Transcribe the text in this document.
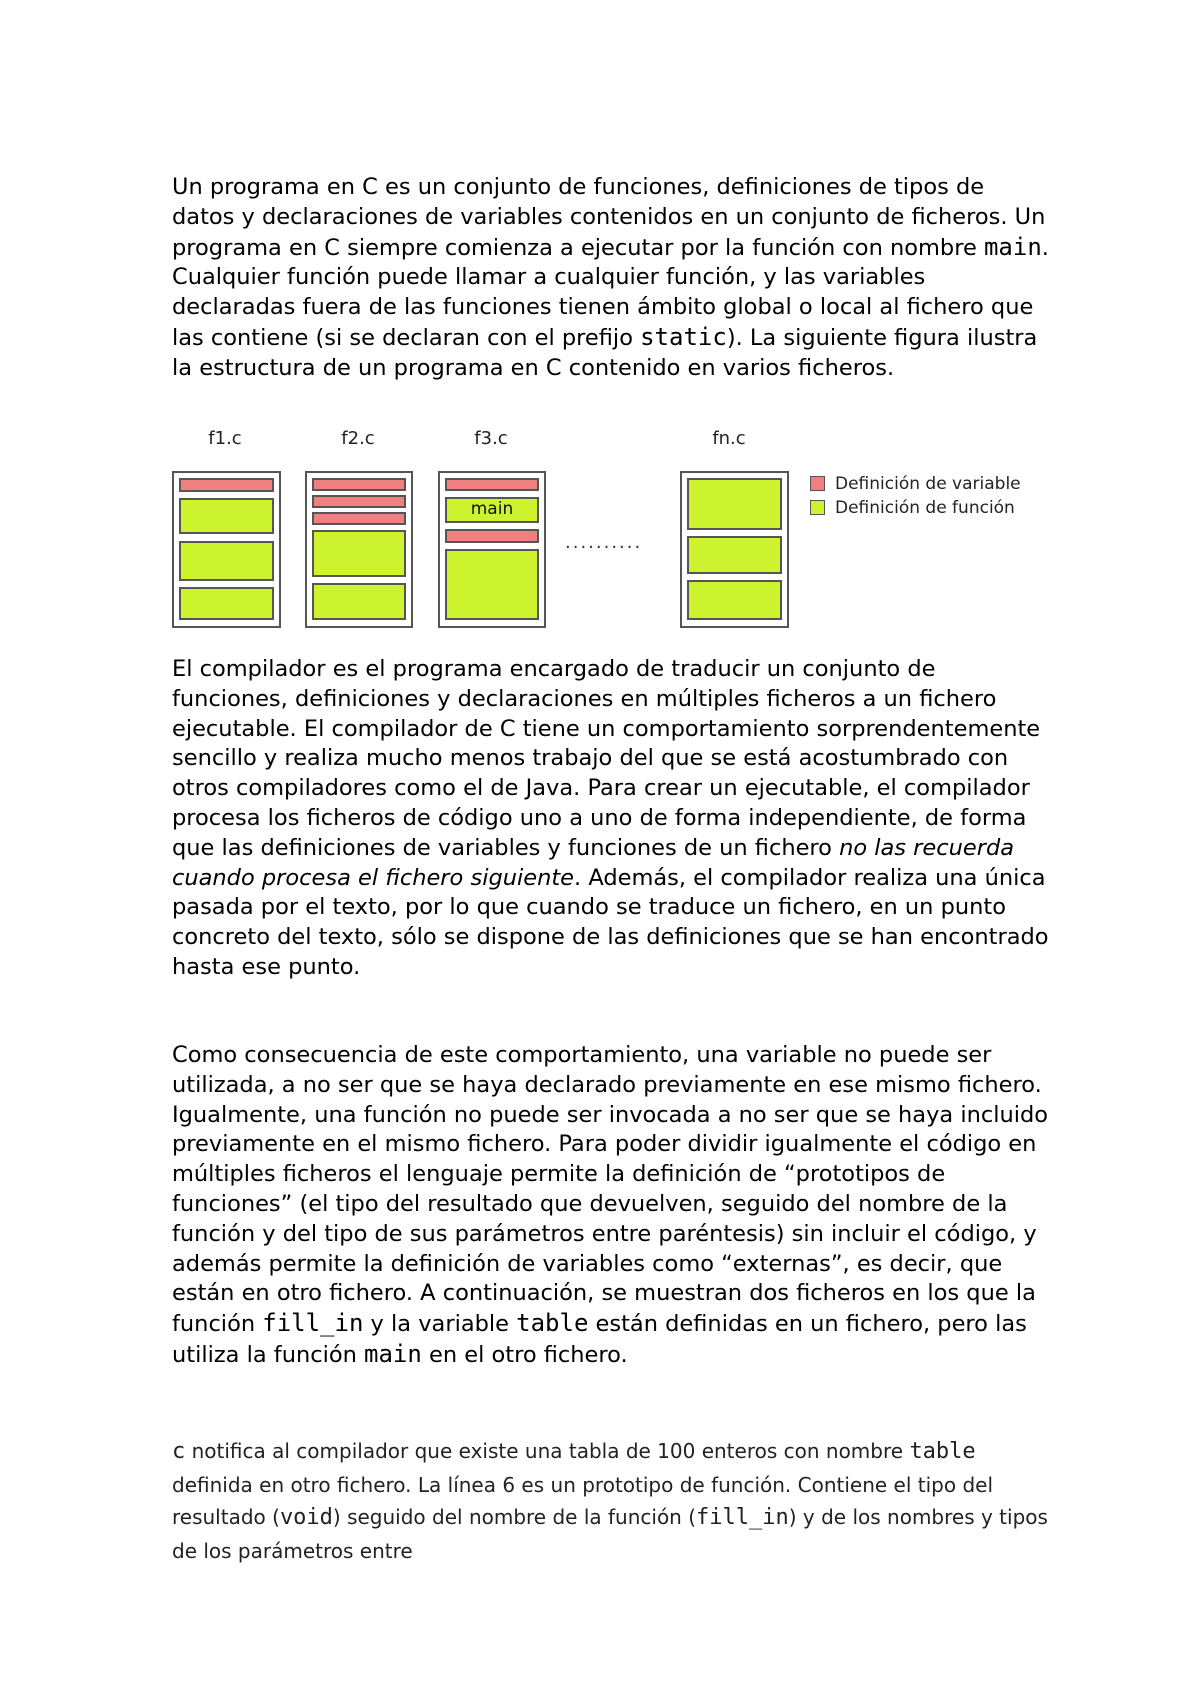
Un programa en C es un conjunto de funciones, definiciones de tipos de datos y declaraciones de variables contenidos en un conjunto de ficheros. Un programa en C siempre comienza a ejecutar por la función con nombre main. Cualquier función puede llamar a cualquier función, y las variables declaradas fuera de las funciones tienen ámbito global o local al fichero que las contiene (si se declaran con el prefijo static). La siguiente figura ilustra la estructura de un programa en C contenido en varios ficheros.

f1.c	f2.c	f3.c
main
..........
fn.c
Definición de variable
Definición de función

El compilador es el programa encargado de traducir un conjunto de funciones, definiciones y declaraciones en múltiples ficheros a un fichero ejecutable. El compilador de C tiene un comportamiento sorprendentemente sencillo y realiza mucho menos trabajo del que se está acostumbrado con otros compiladores como el de Java. Para crear un ejecutable, el compilador procesa los ficheros de código uno a uno de forma independiente, de forma que las definiciones de variables y funciones de un fichero no las recuerda cuando procesa el fichero siguiente. Además, el compilador realiza una única pasada por el texto, por lo que cuando se traduce un fichero, en un punto concreto del texto, sólo se dispone de las definiciones que se han encontrado hasta ese punto.

Como consecuencia de este comportamiento, una variable no puede ser utilizada, a no ser que se haya declarado previamente en ese mismo fichero. Igualmente, una función no puede ser invocada a no ser que se haya incluido previamente en el mismo fichero. Para poder dividir igualmente el código en múltiples ficheros el lenguaje permite la definición de “prototipos de funciones” (el tipo del resultado que devuelven, seguido del nombre de la función y del tipo de sus parámetros entre paréntesis) sin incluir el código, y además permite la definición de variables como “externas”, es decir, que están en otro fichero. A continuación, se muestran dos ficheros en los que la función fill_in y la variable table están definidas en un fichero, pero las utiliza la función main en el otro fichero.

c notifica al compilador que existe una tabla de 100 enteros con nombre table definida en otro fichero. La línea 6 es un prototipo de función. Contiene el tipo del resultado (void) seguido del nombre de la función (fill_in) y de los nombres y tipos de los parámetros entre
